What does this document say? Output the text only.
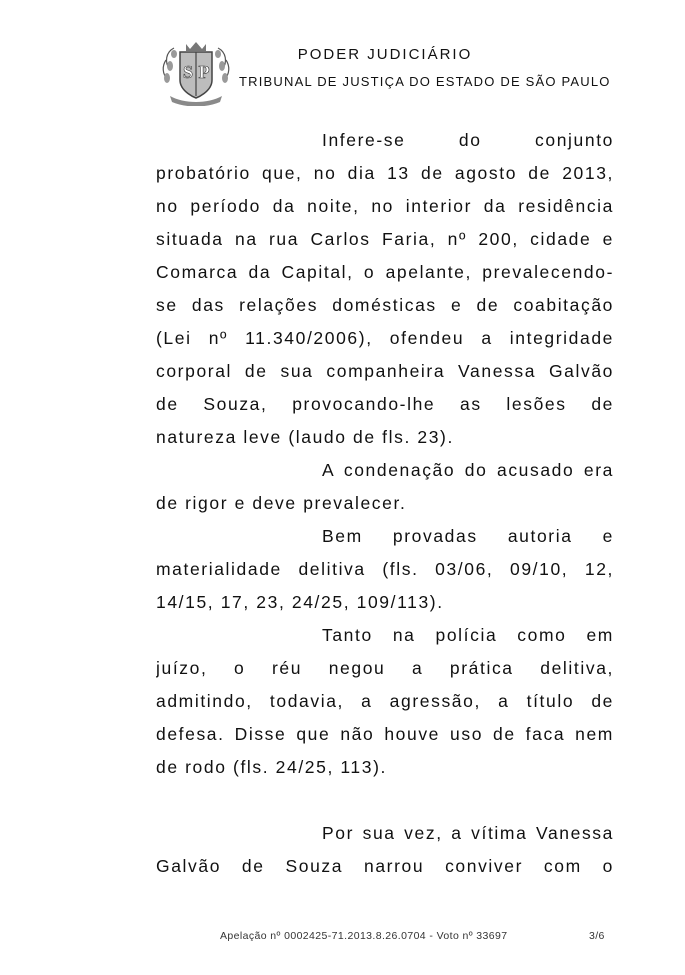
S P
PODER JUDICIÁRIO
TRIBUNAL DE JUSTIÇA DO ESTADO DE SÃO PAULO
Infere-se do conjunto
probatório que, no dia 13 de agosto de 2013,
no período da noite, no interior da residência
situada na rua Carlos Faria, nº 200, cidade e
Comarca da Capital, o apelante, prevalecendo-
se das relações domésticas e de coabitação
(Lei nº 11.340/2006), ofendeu a integridade
corporal de sua companheira Vanessa Galvão
de Souza, provocando-lhe as lesões de
natureza leve (laudo de fls. 23).
A condenação do acusado era
de rigor e deve prevalecer.
Bem provadas autoria e
materialidade delitiva (fls. 03/06, 09/10, 12,
14/15, 17, 23, 24/25, 109/113).
Tanto na polícia como em
juízo, o réu negou a prática delitiva,
admitindo, todavia, a agressão, a título de
defesa. Disse que não houve uso de faca nem
de rodo (fls. 24/25, 113).
Por sua vez, a vítima Vanessa
Galvão de Souza narrou conviver com o
Apelação nº 0002425-71.2013.8.26.0704 - Voto nº 33697	3/6
